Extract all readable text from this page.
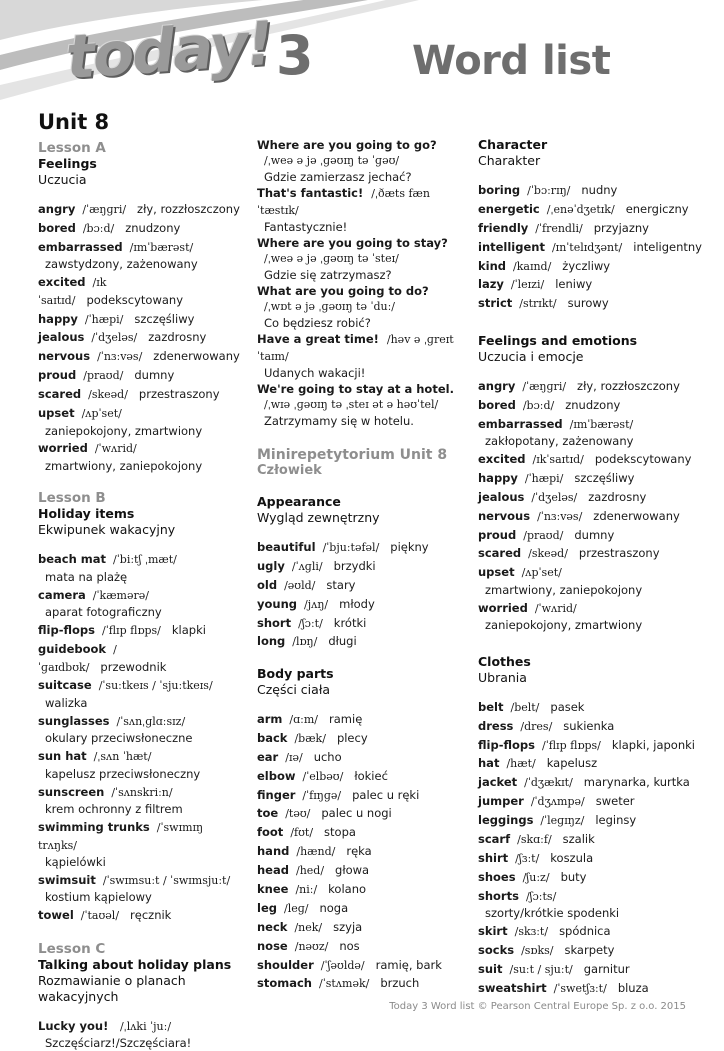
today! 3 Word list
Unit 8
Lesson A
Feelings
Uczucia
angry /ˈæŋɡri/ zły, rozzłoszczony
bored /bɔːd/ znudzony
embarrassed /ɪmˈbærəst/
zawstydzony, zażenowany
excited /ɪkˈsaɪtɪd/ podekscytowany
happy /ˈhæpi/ szczęśliwy
jealous /ˈdʒeləs/ zazdrosny
nervous /ˈnɜːvəs/ zdenerwowany
proud /praʊd/ dumny
scared /skeəd/ przestraszony
upset /ʌpˈset/
zaniepokojony, zmartwiony
worried /ˈwʌrid/
zmartwiony, zaniepokojony
Lesson B
Holiday items
Ekwipunek wakacyjny
beach mat /ˈbiːtʃ ˌmæt/
mata na plażę
camera /ˈkæmərə/
aparat fotograficzny
flip-flops /ˈflɪp flɒps/ klapki
guidebook /ˈɡaɪdbʊk/ przewodnik
suitcase /ˈsuːtkeɪs / ˈsjuːtkeɪs/
walizka
sunglasses /ˈsʌnˌɡlɑːsɪz/
okulary przeciwsłoneczne
sun hat /ˌsʌn ˈhæt/
kapelusz przeciwsłoneczny
sunscreen /ˈsʌnskriːn/
krem ochronny z filtrem
swimming trunks /ˈswɪmɪŋ trʌŋks/
kąpielówki
swimsuit /ˈswɪmsuːt / ˈswɪmsjuːt/
kostium kąpielowy
towel /ˈtaʊəl/ ręcznik
Lesson C
Talking about holiday plans
Rozmawianie o planach
wakacyjnych
Lucky you! /ˌlʌki ˈjuː/
Szczęściarz!/Szczęściara!
Where are you going to go?
/ˌweə ə jə ˌɡəʊɪŋ tə ˈɡəʊ/
Gdzie zamierzasz jechać?
That's fantastic! /ˌðæts fænˈtæstɪk/
Fantastycznie!
Where are you going to stay?
/ˌweə ə jə ˌɡəʊɪŋ tə ˈsteɪ/
Gdzie się zatrzymasz?
What are you going to do?
/ˌwɒt ə jə ˌɡəʊɪŋ tə ˈduː/
Co będziesz robić?
Have a great time! /həv ə ˌɡreɪt ˈtaɪm/
Udanych wakacji!
We're going to stay at a hotel.
/ˌwɪə ˌɡəʊɪŋ tə ˌsteɪ ət ə həʊˈtel/
Zatrzymamy się w hotelu.
Minirepetytorium Unit 8
Człowiek
Appearance
Wygląd zewnętrzny
beautiful /ˈbjuːtəfəl/ piękny
ugly /ˈʌɡli/ brzydki
old /əʊld/ stary
young /jʌŋ/ młody
short /ʃɔːt/ krótki
long /lɒŋ/ długi
Body parts
Części ciała
arm /ɑːm/ ramię
back /bæk/ plecy
ear /ɪə/ ucho
elbow /ˈelbəʊ/ łokieć
finger /ˈfɪŋɡə/ palec u ręki
toe /təʊ/ palec u nogi
foot /fʊt/ stopa
hand /hænd/ ręka
head /hed/ głowa
knee /niː/ kolano
leg /leɡ/ noga
neck /nek/ szyja
nose /nəʊz/ nos
shoulder /ˈʃəʊldə/ ramię, bark
stomach /ˈstʌmək/ brzuch
Character
Charakter
boring /ˈbɔːrɪŋ/ nudny
energetic /ˌenəˈdʒetɪk/ energiczny
friendly /ˈfrendli/ przyjazny
intelligent /ɪnˈtelɪdʒənt/ inteligentny
kind /kaɪnd/ życzliwy
lazy /ˈleɪzi/ leniwy
strict /strɪkt/ surowy
Feelings and emotions
Uczucia i emocje
angry /ˈæŋɡri/ zły, rozzłoszczony
bored /bɔːd/ znudzony
embarrassed /ɪmˈbærəst/
zakłopotany, zażenowany
excited /ɪkˈsaɪtɪd/ podekscytowany
happy /ˈhæpi/ szczęśliwy
jealous /ˈdʒeləs/ zazdrosny
nervous /ˈnɜːvəs/ zdenerwowany
proud /praʊd/ dumny
scared /skeəd/ przestraszony
upset /ʌpˈset/
zmartwiony, zaniepokojony
worried /ˈwʌrid/
zaniepokojony, zmartwiony
Clothes
Ubrania
belt /belt/ pasek
dress /dres/ sukienka
flip-flops /ˈflɪp flɒps/ klapki, japonki
hat /hæt/ kapelusz
jacket /ˈdʒækɪt/ marynarka, kurtka
jumper /ˈdʒʌmpə/ sweter
leggings /ˈleɡɪŋz/ leginsy
scarf /skɑːf/ szalik
shirt /ʃɜːt/ koszula
shoes /ʃuːz/ buty
shorts /ʃɔːts/
szorty/krótkie spodenki
skirt /skɜːt/ spódnica
socks /sɒks/ skarpety
suit /suːt / sjuːt/ garnitur
sweatshirt /ˈswetʃɜːt/ bluza
Today 3 Word list © Pearson Central Europe Sp. z o.o. 2015
